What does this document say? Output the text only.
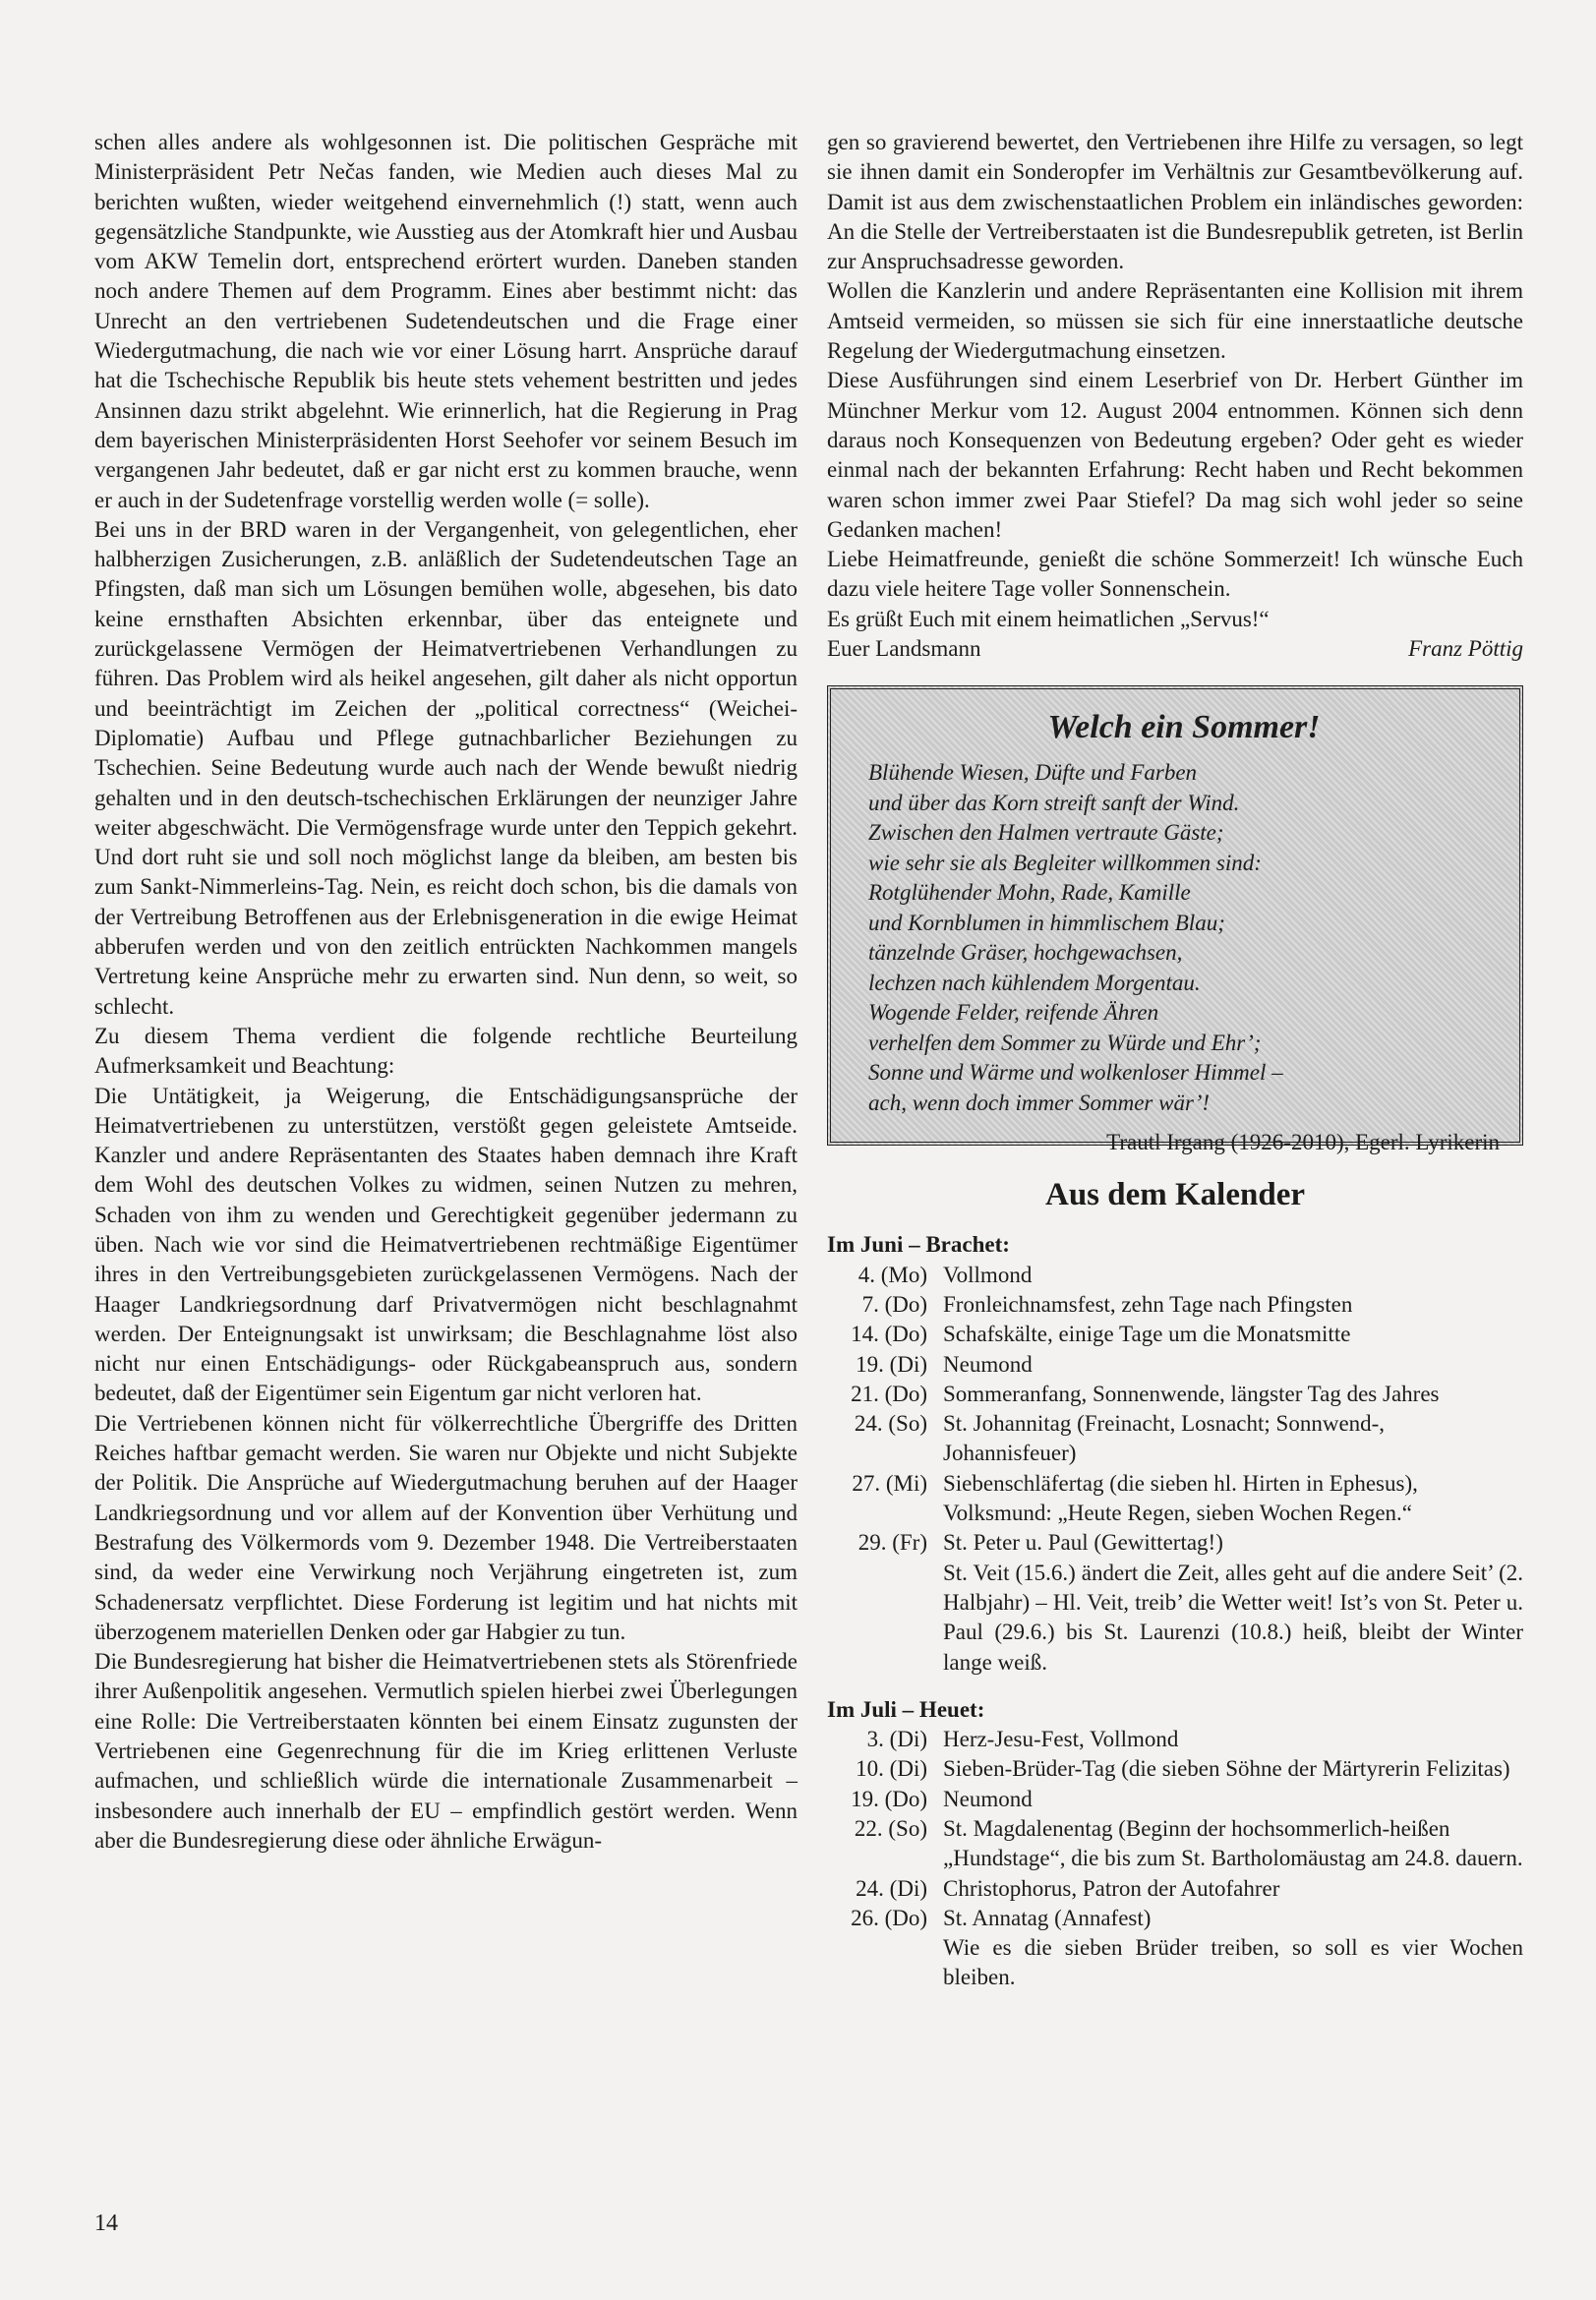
schen alles andere als wohlgesonnen ist. Die politischen Gespräche mit Ministerpräsident Petr Nečas fanden, wie Medien auch dieses Mal zu berichten wußten, wieder weitgehend einvernehmlich (!) statt, wenn auch gegensätzliche Standpunkte, wie Ausstieg aus der Atomkraft hier und Ausbau vom AKW Temelin dort, entsprechend erörtert wurden. Daneben standen noch andere Themen auf dem Programm. Eines aber bestimmt nicht: das Unrecht an den vertriebenen Sudetendeutschen und die Frage einer Wiedergutmachung, die nach wie vor einer Lösung harrt. Ansprüche darauf hat die Tschechische Republik bis heute stets vehement bestritten und jedes Ansinnen dazu strikt abgelehnt. Wie erinnerlich, hat die Regierung in Prag dem bayerischen Ministerpräsidenten Horst Seehofer vor seinem Besuch im vergangenen Jahr bedeutet, daß er gar nicht erst zu kommen brauche, wenn er auch in der Sudetenfrage vorstellig werden wolle (= solle).

Bei uns in der BRD waren in der Vergangenheit, von gelegentlichen, eher halbherzigen Zusicherungen, z.B. anläßlich der Sudetendeutschen Tage an Pfingsten, daß man sich um Lösungen bemühen wolle, abgesehen, bis dato keine ernsthaften Absichten erkennbar, über das enteignete und zurückgelassene Vermögen der Heimatvertriebenen Verhandlungen zu führen. Das Problem wird als heikel angesehen, gilt daher als nicht opportun und beeinträchtigt im Zeichen der „political correctness“ (Weichei-Diplomatie) Aufbau und Pflege gutnachbarlicher Beziehungen zu Tschechien. Seine Bedeutung wurde auch nach der Wende bewußt niedrig gehalten und in den deutsch-tschechischen Erklärungen der neunziger Jahre weiter abgeschwächt. Die Vermögensfrage wurde unter den Teppich gekehrt. Und dort ruht sie und soll noch möglichst lange da bleiben, am besten bis zum Sankt-Nimmerleins-Tag. Nein, es reicht doch schon, bis die damals von der Vertreibung Betroffenen aus der Erlebnisgeneration in die ewige Heimat abberufen werden und von den zeitlich entrückten Nachkommen mangels Vertretung keine Ansprüche mehr zu erwarten sind. Nun denn, so weit, so schlecht.

Zu diesem Thema verdient die folgende rechtliche Beurteilung Aufmerksamkeit und Beachtung:

Die Untätigkeit, ja Weigerung, die Entschädigungsansprüche der Heimatvertriebenen zu unterstützen, verstößt gegen geleistete Amtseide. Kanzler und andere Repräsentanten des Staates haben demnach ihre Kraft dem Wohl des deutschen Volkes zu widmen, seinen Nutzen zu mehren, Schaden von ihm zu wenden und Gerechtigkeit gegenüber jedermann zu üben. Nach wie vor sind die Heimatvertriebenen rechtmäßige Eigentümer ihres in den Vertreibungsgebieten zurückgelassenen Vermögens. Nach der Haager Landkriegsordnung darf Privatvermögen nicht beschlagnahmt werden. Der Enteignungsakt ist unwirksam; die Beschlagnahme löst also nicht nur einen Entschädigungs- oder Rückgabeanspruch aus, sondern bedeutet, daß der Eigentümer sein Eigentum gar nicht verloren hat.

Die Vertriebenen können nicht für völkerrechtliche Übergriffe des Dritten Reiches haftbar gemacht werden. Sie waren nur Objekte und nicht Subjekte der Politik. Die Ansprüche auf Wiedergutmachung beruhen auf der Haager Landkriegsordnung und vor allem auf der Konvention über Verhütung und Bestrafung des Völkermords vom 9. Dezember 1948. Die Vertreiberstaaten sind, da weder eine Verwirkung noch Verjährung eingetreten ist, zum Schadenersatz verpflichtet. Diese Forderung ist legitim und hat nichts mit überzogenem materiellen Denken oder gar Habgier zu tun.

Die Bundesregierung hat bisher die Heimatvertriebenen stets als Störenfriede ihrer Außenpolitik angesehen. Vermutlich spielen hierbei zwei Überlegungen eine Rolle: Die Vertreiberstaaten könnten bei einem Einsatz zugunsten der Vertriebenen eine Gegenrechnung für die im Krieg erlittenen Verluste aufmachen, und schließlich würde die internationale Zusammenarbeit – insbesondere auch innerhalb der EU – empfindlich gestört werden. Wenn aber die Bundesregierung diese oder ähnliche Erwägun-

gen so gravierend bewertet, den Vertriebenen ihre Hilfe zu versagen, so legt sie ihnen damit ein Sonderopfer im Verhältnis zur Gesamtbevölkerung auf. Damit ist aus dem zwischenstaatlichen Problem ein inländisches geworden: An die Stelle der Vertreiberstaaten ist die Bundesrepublik getreten, ist Berlin zur Anspruchsadresse geworden.

Wollen die Kanzlerin und andere Repräsentanten eine Kollision mit ihrem Amtseid vermeiden, so müssen sie sich für eine innerstaatliche deutsche Regelung der Wiedergutmachung einsetzen.

Diese Ausführungen sind einem Leserbrief von Dr. Herbert Günther im Münchner Merkur vom 12. August 2004 entnommen. Können sich denn daraus noch Konsequenzen von Bedeutung ergeben? Oder geht es wieder einmal nach der bekannten Erfahrung: Recht haben und Recht bekommen waren schon immer zwei Paar Stiefel? Da mag sich wohl jeder so seine Gedanken machen!

Liebe Heimatfreunde, genießt die schöne Sommerzeit! Ich wünsche Euch dazu viele heitere Tage voller Sonnenschein.

Es grüßt Euch mit einem heimatlichen „Servus!“

Euer Landsmann	Franz Pöttig
Welch ein Sommer!
Blühende Wiesen, Düfte und Farben
und über das Korn streift sanft der Wind.
Zwischen den Halmen vertraute Gäste;
wie sehr sie als Begleiter willkommen sind:
Rotglühender Mohn, Rade, Kamille
und Kornblumen in himmlischem Blau;
tänzelnde Gräser, hochgewachsen,
lechzen nach kühlendem Morgentau.
Wogende Felder, reifende Ähren
verhelfen dem Sommer zu Würde und Ehr’;
Sonne und Wärme und wolkenloser Himmel –
ach, wenn doch immer Sommer wär’!
Trautl Irgang (1926-2010), Egerl. Lyrikerin
Aus dem Kalender
Im Juni – Brachet:
4. (Mo) Vollmond
7. (Do) Fronleichnamsfest, zehn Tage nach Pfingsten
14. (Do) Schafskälte, einige Tage um die Monatsmitte
19. (Di) Neumond
21. (Do) Sommeranfang, Sonnenwende, längster Tag des Jahres
24. (So) St. Johannitag (Freinacht, Losnacht; Sonnwend-, Johannisfeuer)
27. (Mi) Siebenschläfertag (die sieben hl. Hirten in Ephesus), Volksmund: „Heute Regen, sieben Wochen Regen.“
29. (Fr) St. Peter u. Paul (Gewittertag!)
St. Veit (15.6.) ändert die Zeit, alles geht auf die andere Seit’ (2. Halbjahr) – Hl. Veit, treib’ die Wetter weit! Ist’s von St. Peter u. Paul (29.6.) bis St. Laurenzi (10.8.) heiß, bleibt der Winter lange weiß.
Im Juli – Heuet:
3. (Di) Herz-Jesu-Fest, Vollmond
10. (Di) Sieben-Brüder-Tag (die sieben Söhne der Märtyrerin Felizitas)
19. (Do) Neumond
22. (So) St. Magdalenentag (Beginn der hochsommerlich-heißen „Hundstage“, die bis zum St. Bartholomäustag am 24.8. dauern.
24. (Di) Christophorus, Patron der Autofahrer
26. (Do) St. Annatag (Annafest)
Wie es die sieben Brüder treiben, so soll es vier Wochen bleiben.
14
